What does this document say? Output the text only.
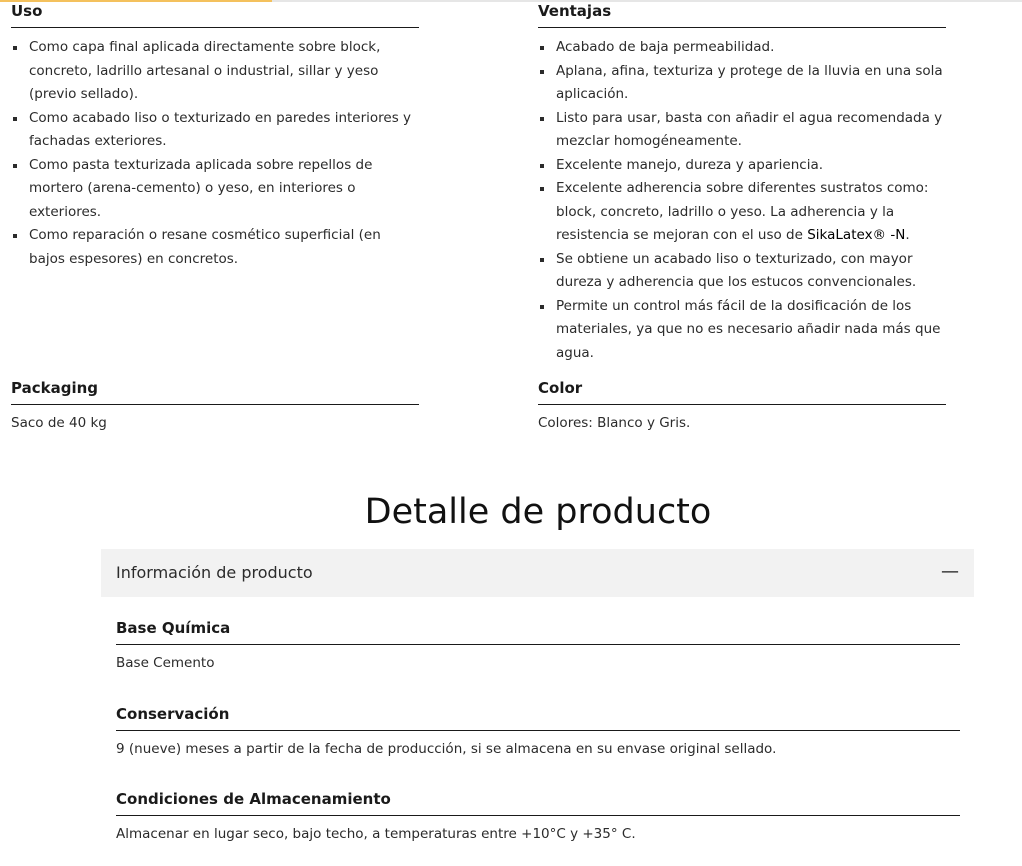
Uso
Como capa final aplicada directamente sobre block, concreto, ladrillo artesanal o industrial, sillar y yeso (previo sellado).
Como acabado liso o texturizado en paredes interiores y fachadas exteriores.
Como pasta texturizada aplicada sobre repellos de mortero (arena-cemento) o yeso, en interiores o exteriores.
Como reparación o resane cosmético superficial (en bajos espesores) en concretos.
Ventajas
Acabado de baja permeabilidad.
Aplana, afina, texturiza y protege de la lluvia en una sola aplicación.
Listo para usar, basta con añadir el agua recomendada y mezclar homogéneamente.
Excelente manejo, dureza y apariencia.
Excelente adherencia sobre diferentes sustratos como: block, concreto, ladrillo o yeso. La adherencia y la resistencia se mejoran con el uso de SikaLatex® -N.
Se obtiene un acabado liso o texturizado, con mayor dureza y adherencia que los estucos convencionales.
Permite un control más fácil de la dosificación de los materiales, ya que no es necesario añadir nada más que agua.
Packaging

Saco de 40 kg

Color

Colores: Blanco y Gris.

Detalle de producto
Información de producto	—
Base Química

Base Cemento

Conservación

9 (nueve) meses a partir de la fecha de producción, si se almacena en su envase original sellado.

Condiciones de Almacenamiento

Almacenar en lugar seco, bajo techo, a temperaturas entre +10°C y +35° C.
